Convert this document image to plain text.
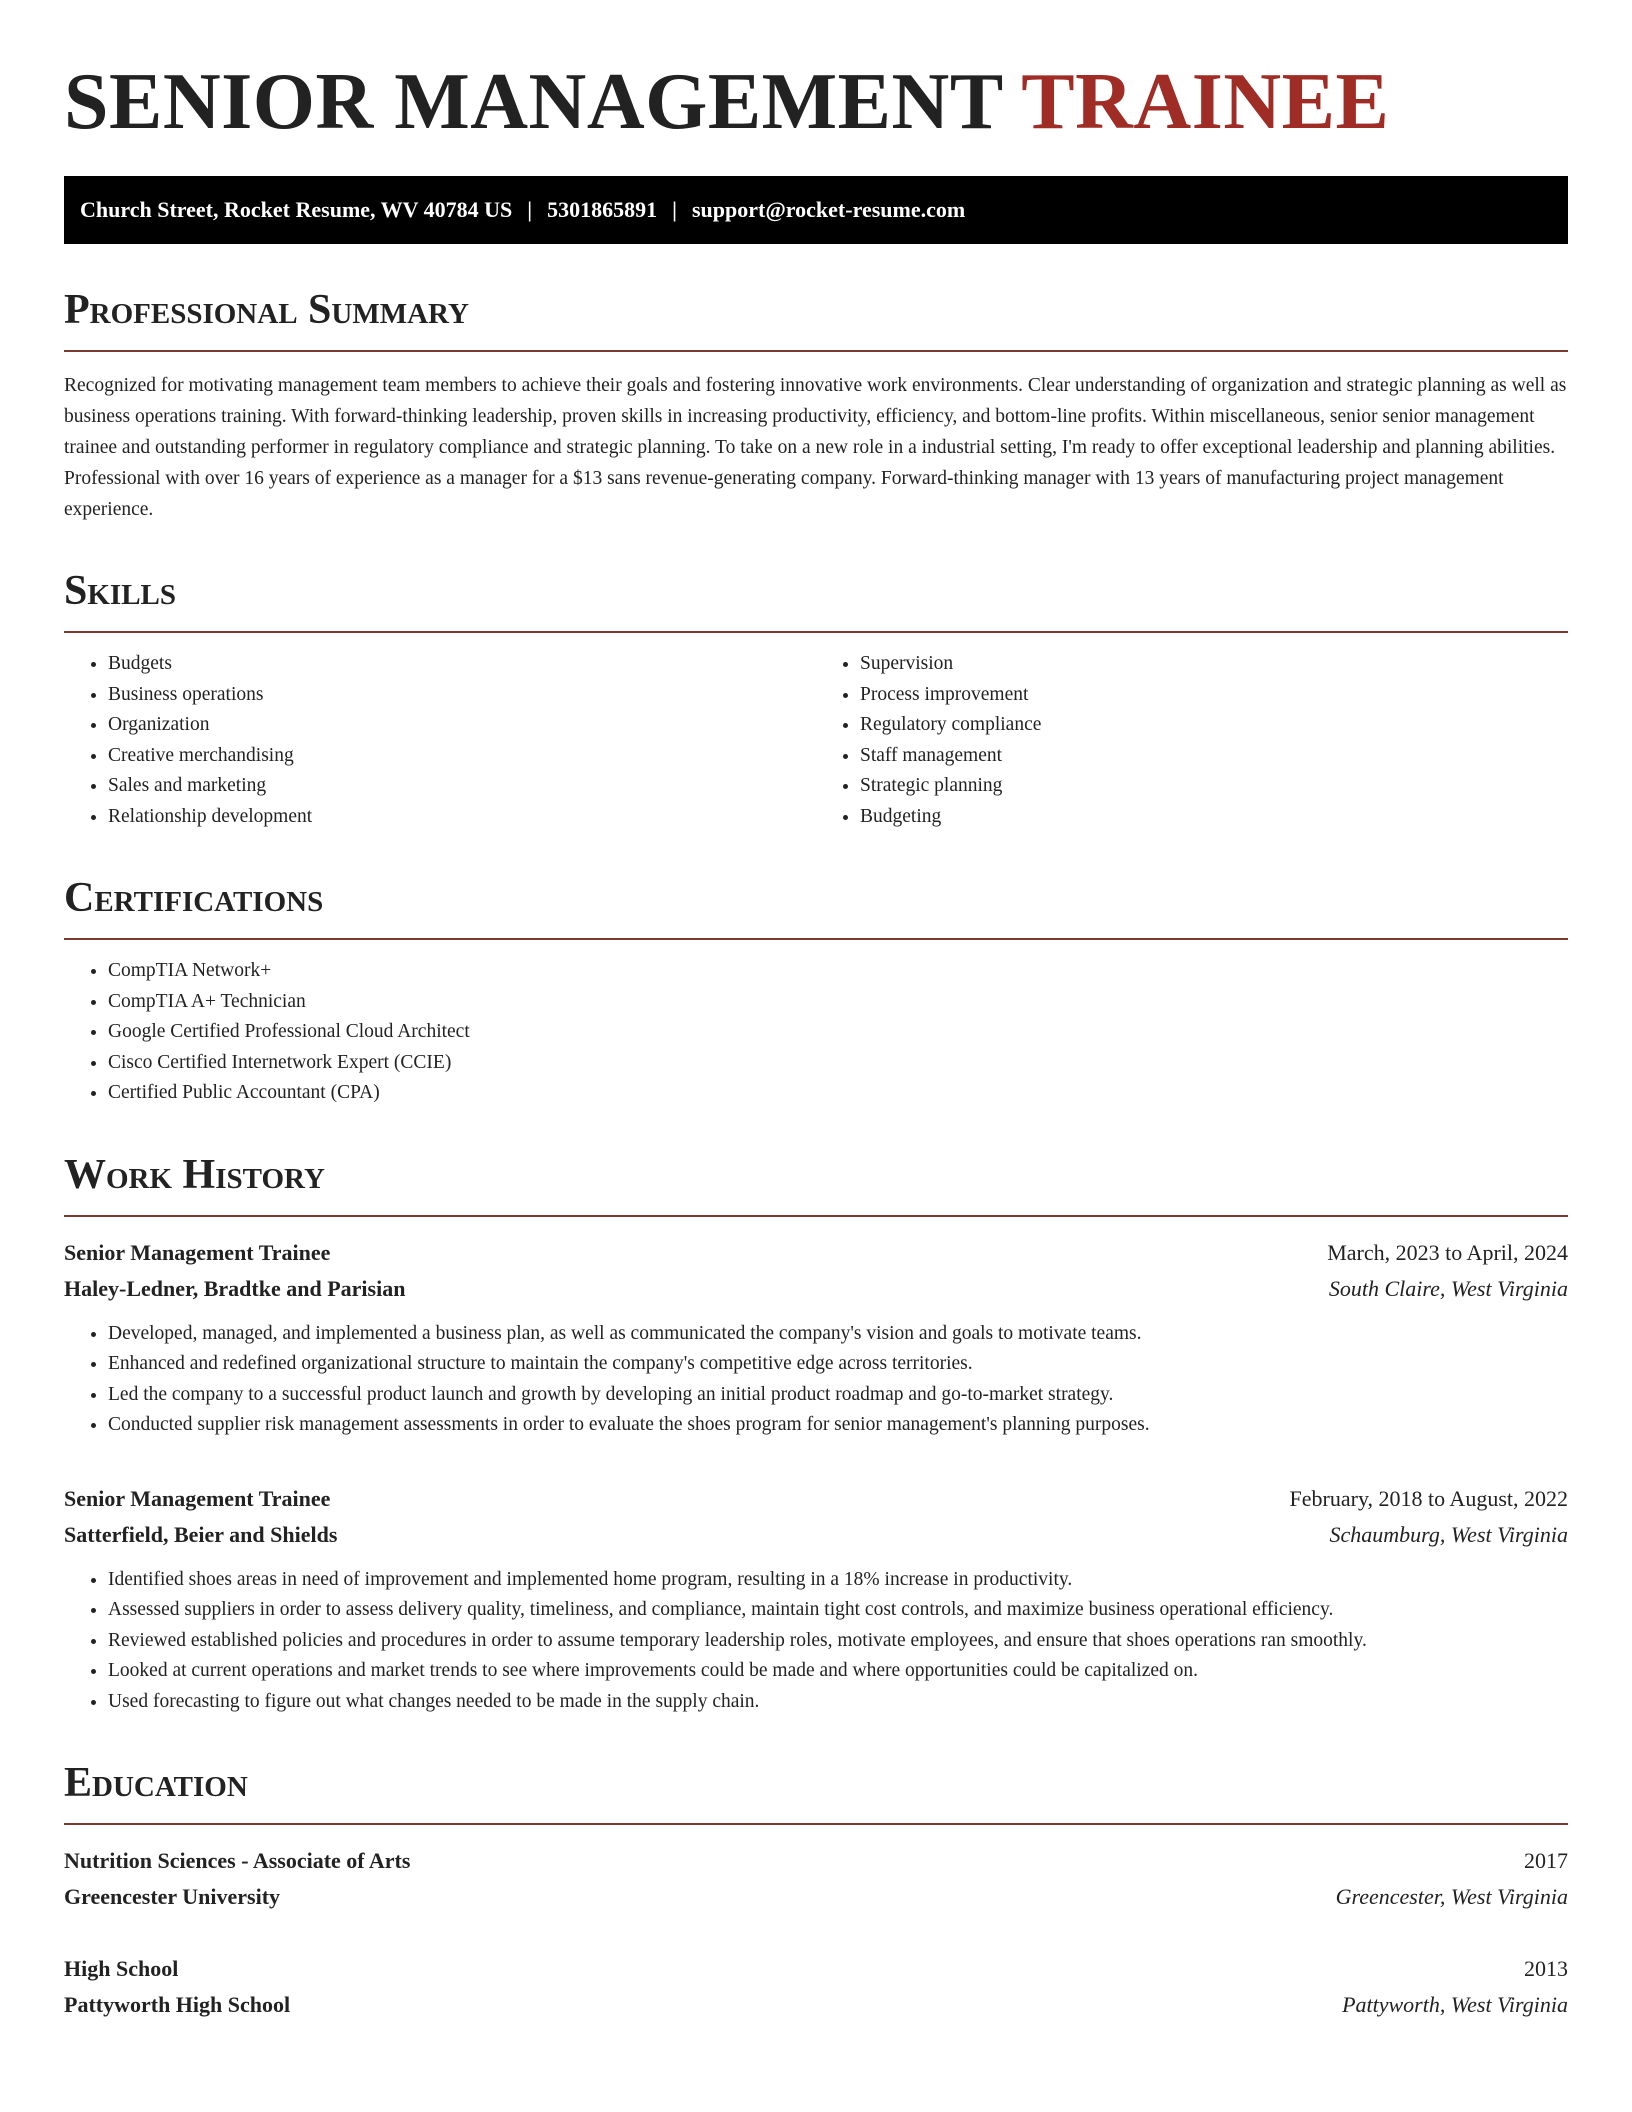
SENIOR MANAGEMENT TRAINEE
Church Street, Rocket Resume, WV 40784 US | 5301865891 | support@rocket-resume.com
Professional Summary

Recognized for motivating management team members to achieve their goals and fostering innovative work environments. Clear understanding of organization and strategic planning as well as business operations training. With forward-thinking leadership, proven skills in increasing productivity, efficiency, and bottom-line profits. Within miscellaneous, senior senior management trainee and outstanding performer in regulatory compliance and strategic planning. To take on a new role in a industrial setting, I'm ready to offer exceptional leadership and planning abilities. Professional with over 16 years of experience as a manager for a $13 sans revenue-generating company. Forward-thinking manager with 13 years of manufacturing project management experience.

Skills
• Budgets
• Business operations
• Organization
• Creative merchandising
• Sales and marketing
• Relationship development
• Supervision
• Process improvement
• Regulatory compliance
• Staff management
• Strategic planning
• Budgeting
Certifications
• CompTIA Network+
• CompTIA A+ Technician
• Google Certified Professional Cloud Architect
• Cisco Certified Internetwork Expert (CCIE)
• Certified Public Accountant (CPA)
Work History
Senior Management Trainee	March, 2023 to April, 2024
Haley-Ledner, Bradtke and Parisian	South Claire, West Virginia
• Developed, managed, and implemented a business plan, as well as communicated the company's vision and goals to motivate teams.
• Enhanced and redefined organizational structure to maintain the company's competitive edge across territories.
• Led the company to a successful product launch and growth by developing an initial product roadmap and go-to-market strategy.
• Conducted supplier risk management assessments in order to evaluate the shoes program for senior management's planning purposes.
Senior Management Trainee	February, 2018 to August, 2022
Satterfield, Beier and Shields	Schaumburg, West Virginia
• Identified shoes areas in need of improvement and implemented home program, resulting in a 18% increase in productivity.
• Assessed suppliers in order to assess delivery quality, timeliness, and compliance, maintain tight cost controls, and maximize business operational efficiency.
• Reviewed established policies and procedures in order to assume temporary leadership roles, motivate employees, and ensure that shoes operations ran smoothly.
• Looked at current operations and market trends to see where improvements could be made and where opportunities could be capitalized on.
• Used forecasting to figure out what changes needed to be made in the supply chain.
Education
Nutrition Sciences - Associate of Arts	2017
Greencester University	Greencester, West Virginia
High School	2013
Pattyworth High School	Pattyworth, West Virginia
